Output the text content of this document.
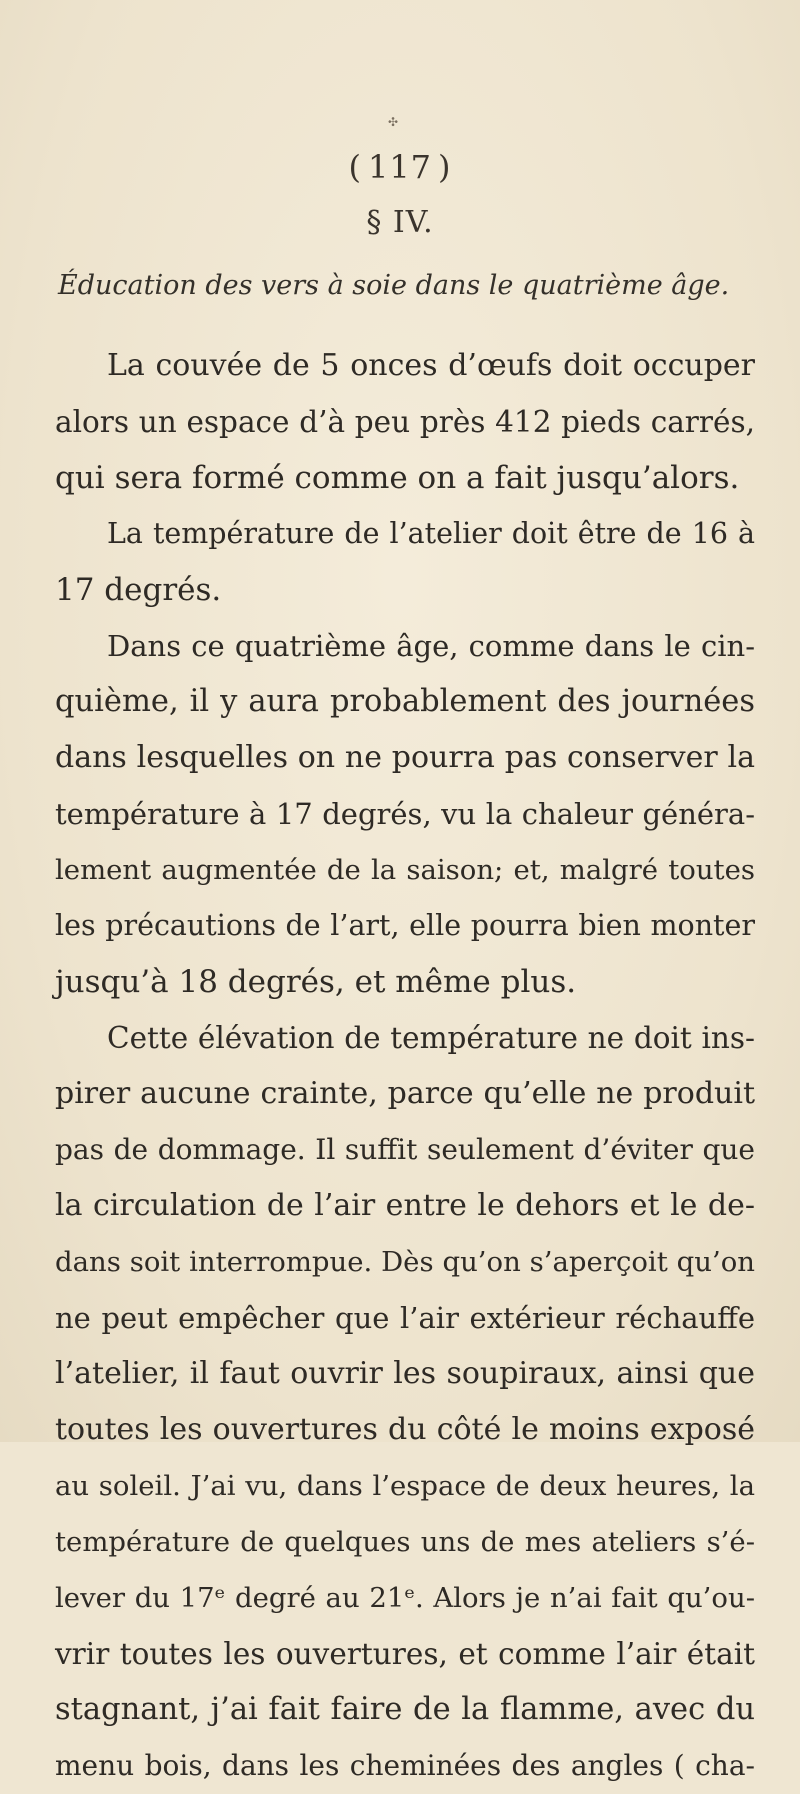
✣
( 117 )
§ IV.
Éducation des vers à soie dans le quatrième âge.
La couvée de 5 onces d’œufs doit occuper
alors un espace d’à peu près 412 pieds carrés,
qui sera formé comme on a fait jusqu’alors.
La température de l’atelier doit être de 16 à
17 degrés.
Dans ce quatrième âge, comme dans le cin-
quième, il y aura probablement des journées
dans lesquelles on ne pourra pas conserver la
température à 17 degrés, vu la chaleur généra-
lement augmentée de la saison; et, malgré toutes
les précautions de l’art, elle pourra bien monter
jusqu’à 18 degrés, et même plus.
Cette élévation de température ne doit ins-
pirer aucune crainte, parce qu’elle ne produit
pas de dommage. Il suffit seulement d’éviter que
la circulation de l’air entre le dehors et le de-
dans soit interrompue. Dès qu’on s’aperçoit qu’on
ne peut empêcher que l’air extérieur réchauffe
l’atelier, il faut ouvrir les soupiraux, ainsi que
toutes les ouvertures du côté le moins exposé
au soleil. J’ai vu, dans l’espace de deux heures, la
température de quelques uns de mes ateliers s’é-
lever du 17ᵉ degré au 21ᵉ. Alors je n’ai fait qu’ou-
vrir toutes les ouvertures, et comme l’air était
stagnant, j’ai fait faire de la flamme, avec du
menu bois, dans les cheminées des angles ( cha-
